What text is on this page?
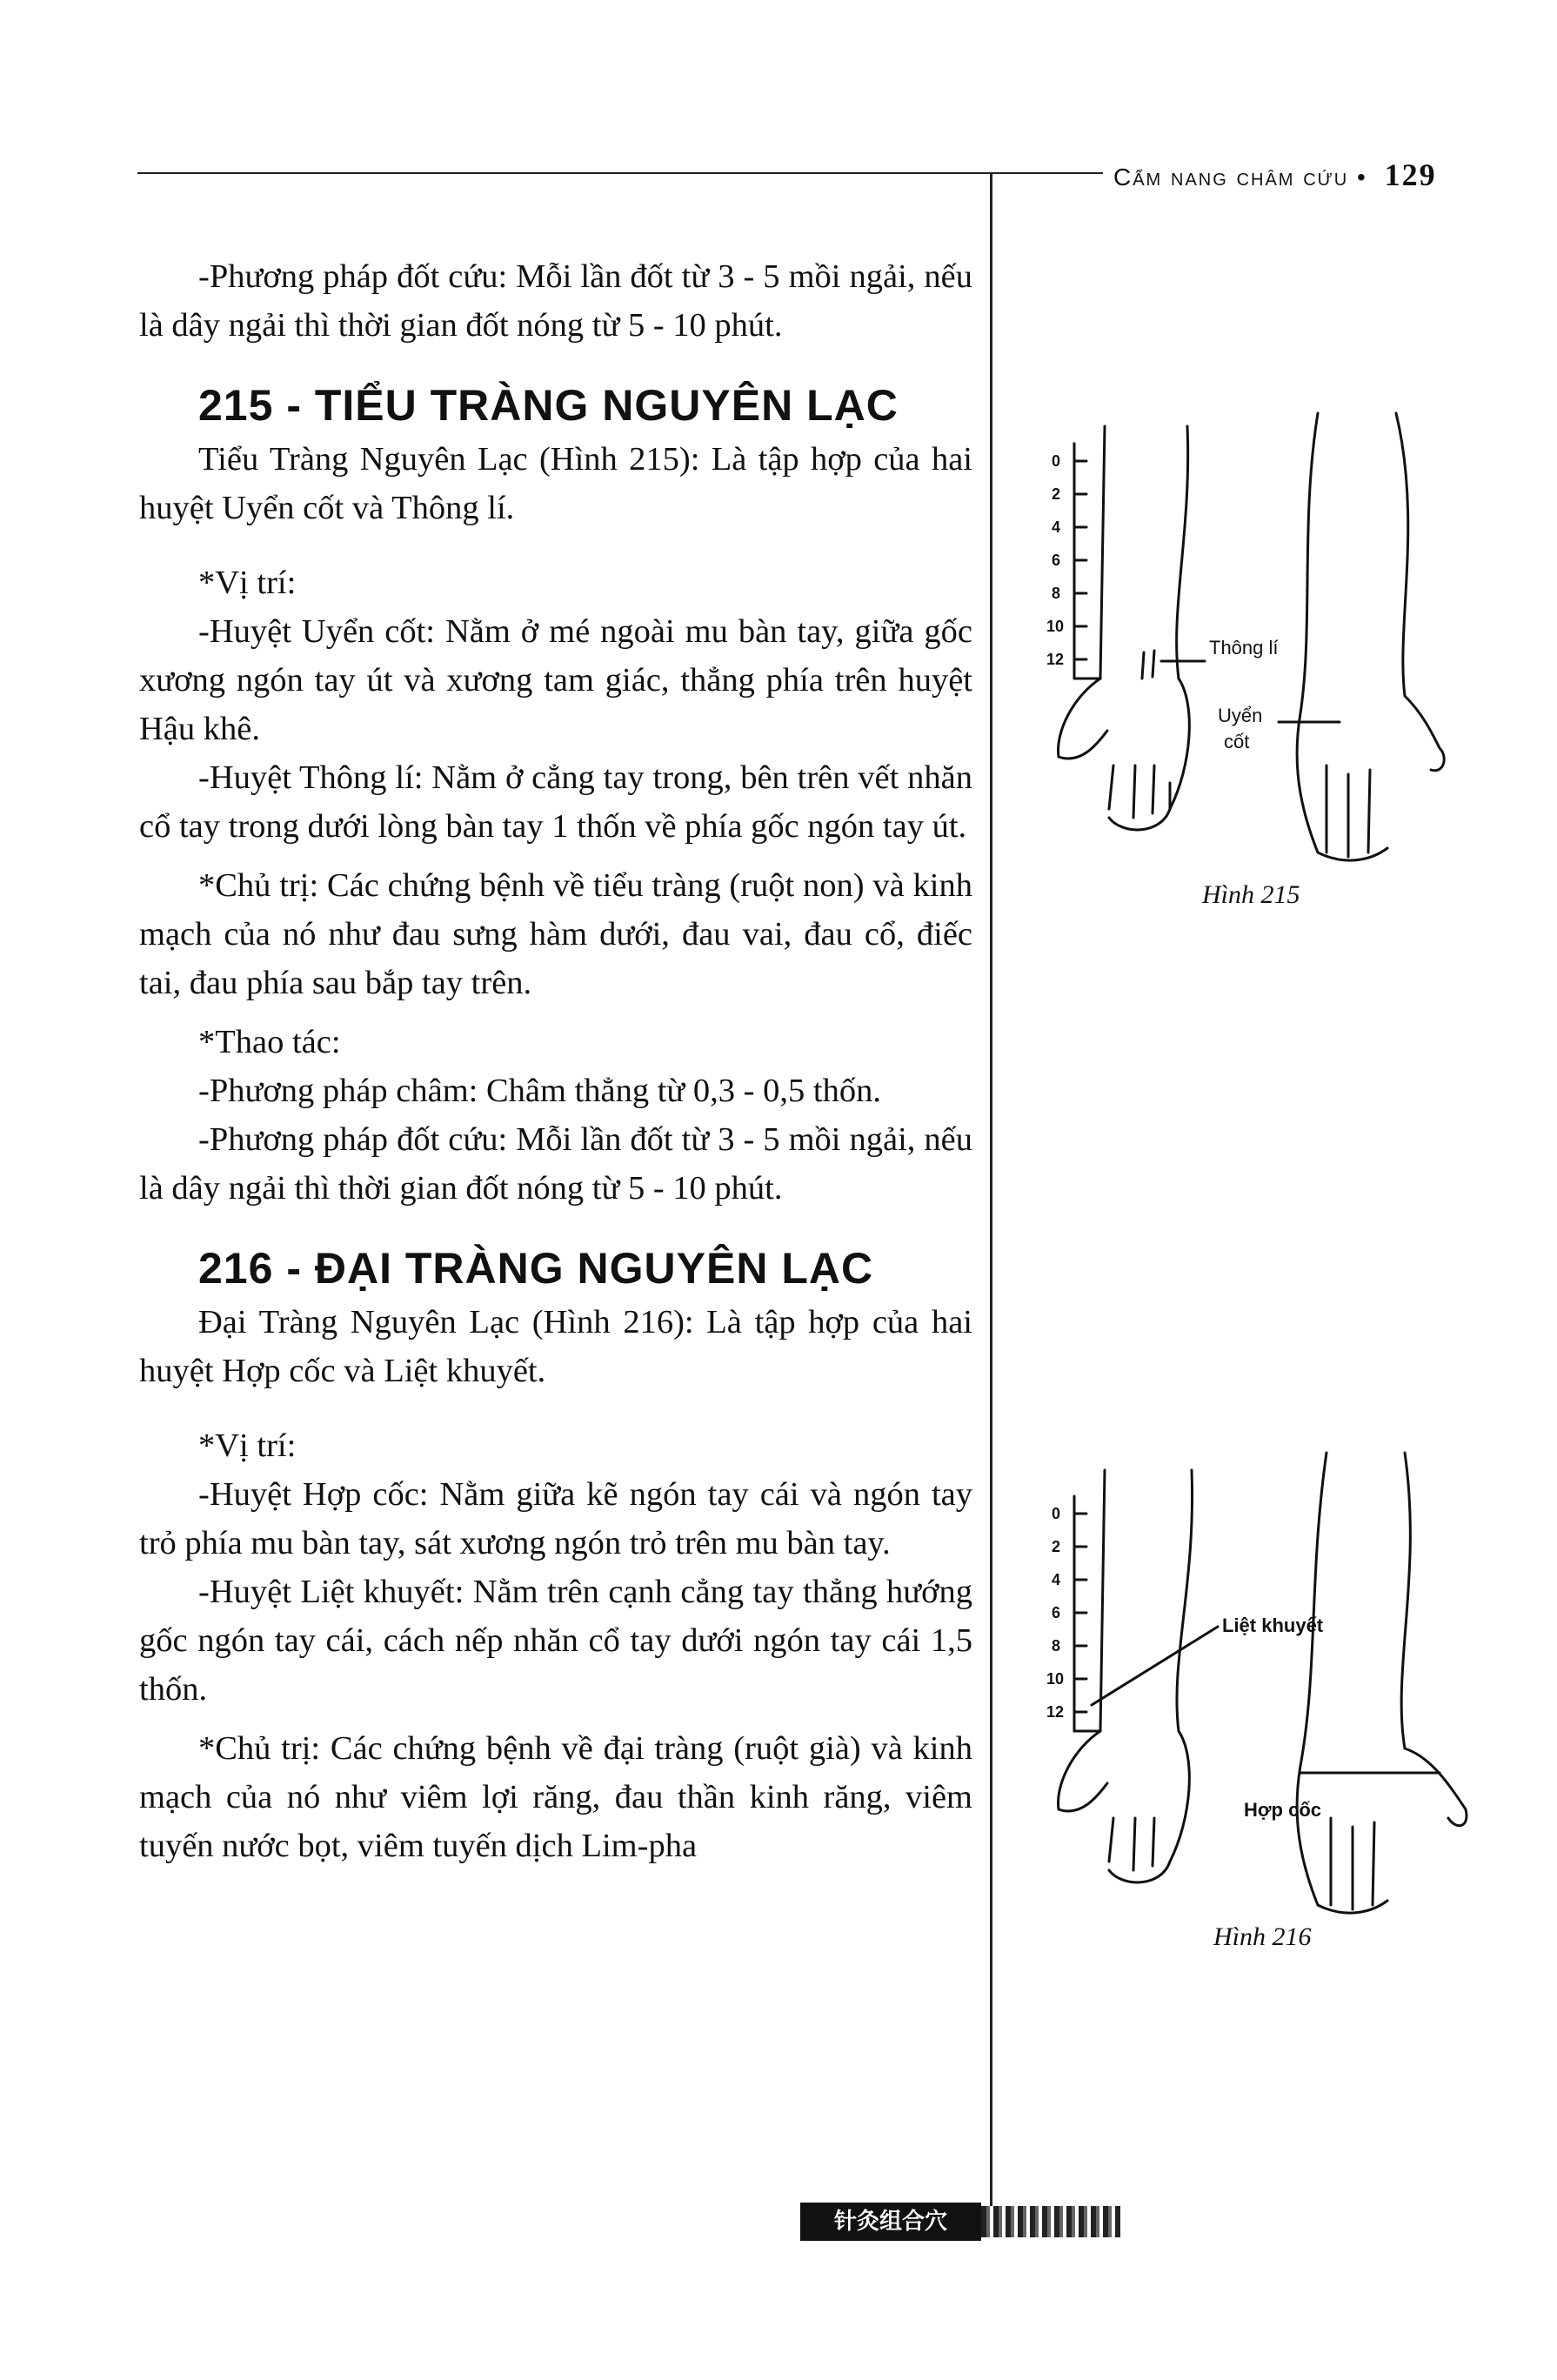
Cẩm nang châm cứu • 129

-Phương pháp đốt cứu: Mỗi lần đốt từ 3 - 5 mồi ngải, nếu là dây ngải thì thời gian đốt nóng từ 5 - 10 phút.

215 - TIỂU TRÀNG NGUYÊN LẠC

Tiểu Tràng Nguyên Lạc (Hình 215): Là tập hợp của hai huyệt Uyển cốt và Thông lí.

*Vị trí:

-Huyệt Uyển cốt: Nằm ở mé ngoài mu bàn tay, giữa gốc xương ngón tay út và xương tam giác, thẳng phía trên huyệt Hậu khê.

-Huyệt Thông lí: Nằm ở cẳng tay trong, bên trên vết nhăn cổ tay trong dưới lòng bàn tay 1 thốn về phía gốc ngón tay út.

*Chủ trị: Các chứng bệnh về tiểu tràng (ruột non) và kinh mạch của nó như đau sưng hàm dưới, đau vai, đau cổ, điếc tai, đau phía sau bắp tay trên.

*Thao tác:

-Phương pháp châm: Châm thẳng từ 0,3 - 0,5 thốn.

-Phương pháp đốt cứu: Mỗi lần đốt từ 3 - 5 mồi ngải, nếu là dây ngải thì thời gian đốt nóng từ 5 - 10 phút.

216 - ĐẠI TRÀNG NGUYÊN LẠC

Đại Tràng Nguyên Lạc (Hình 216): Là tập hợp của hai huyệt Hợp cốc và Liệt khuyết.

*Vị trí:

-Huyệt Hợp cốc: Nằm giữa kẽ ngón tay cái và ngón tay trỏ phía mu bàn tay, sát xương ngón trỏ trên mu bàn tay.

-Huyệt Liệt khuyết: Nằm trên cạnh cẳng tay thẳng hướng gốc ngón tay cái, cách nếp nhăn cổ tay dưới ngón tay cái 1,5 thốn.

*Chủ trị: Các chứng bệnh về đại tràng (ruột già) và kinh mạch của nó như viêm lợi răng, đau thần kinh răng, viêm tuyến nước bọt, viêm tuyến dịch Lim-pha

0
2
4
6
8
10
12
Thông lí
Uyển
cốt
Hình 215
0
2
4
6
8
10
12
Liệt khuyết
Hợp cốc
Hình 216
针灸组合穴
